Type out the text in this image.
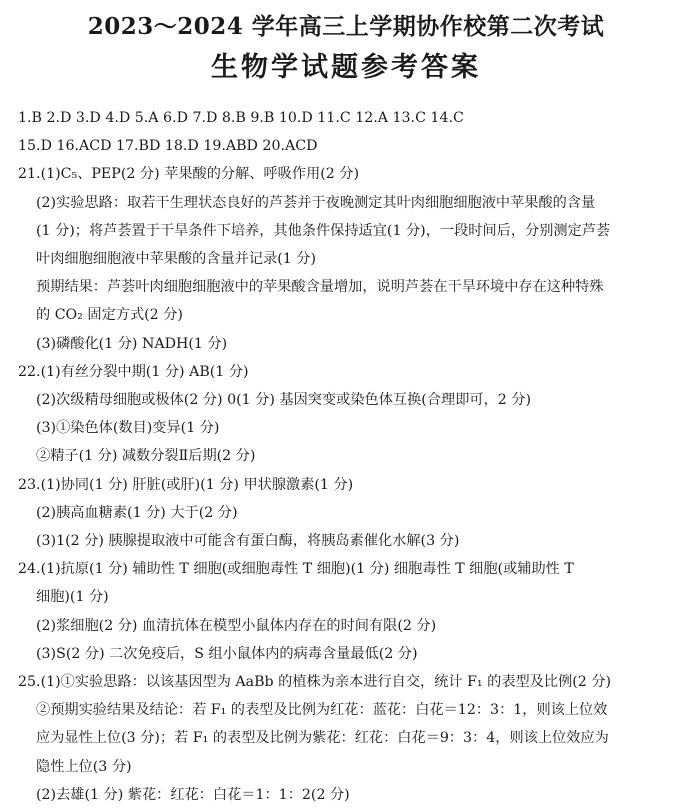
2023～2024 学年高三上学期协作校第二次考试
生物学试题参考答案
1.B 2.D 3.D 4.D 5.A 6.D 7.D 8.B 9.B 10.D 11.C 12.A 13.C 14.C
15.D 16.ACD 17.BD 18.D 19.ABD 20.ACD
21.(1)C₅、PEP(2 分) 苹果酸的分解、呼吸作用(2 分)
(2)实验思路：取若干生理状态良好的芦荟并于夜晚测定其叶肉细胞细胞液中苹果酸的含量
(1 分)；将芦荟置于干旱条件下培养，其他条件保持适宜(1 分)，一段时间后，分别测定芦荟
叶肉细胞细胞液中苹果酸的含量并记录(1 分)
预期结果：芦荟叶肉细胞细胞液中的苹果酸含量增加，说明芦荟在干旱环境中存在这种特殊
的 CO₂ 固定方式(2 分)
(3)磷酸化(1 分) NADH(1 分)
22.(1)有丝分裂中期(1 分) AB(1 分)
(2)次级精母细胞或极体(2 分) 0(1 分) 基因突变或染色体互换(合理即可，2 分)
(3)①染色体(数目)变异(1 分)
②精子(1 分) 减数分裂Ⅱ后期(2 分)
23.(1)协同(1 分) 肝脏(或肝)(1 分) 甲状腺激素(1 分)
(2)胰高血糖素(1 分) 大于(2 分)
(3)1(2 分) 胰腺提取液中可能含有蛋白酶，将胰岛素催化水解(3 分)
24.(1)抗原(1 分) 辅助性 T 细胞(或细胞毒性 T 细胞)(1 分) 细胞毒性 T 细胞(或辅助性 T
细胞)(1 分)
(2)浆细胞(2 分) 血清抗体在模型小鼠体内存在的时间有限(2 分)
(3)S(2 分) 二次免疫后，S 组小鼠体内的病毒含量最低(2 分)
25.(1)①实验思路：以该基因型为 AaBb 的植株为亲本进行自交，统计 F₁ 的表型及比例(2 分)
②预期实验结果及结论：若 F₁ 的表型及比例为红花：蓝花：白花＝12：3：1，则该上位效
应为显性上位(3 分)；若 F₁ 的表型及比例为紫花：红花：白花＝9：3：4，则该上位效应为
隐性上位(3 分)
(2)去雄(1 分) 紫花：红花：白花＝1：1：2(2 分)
